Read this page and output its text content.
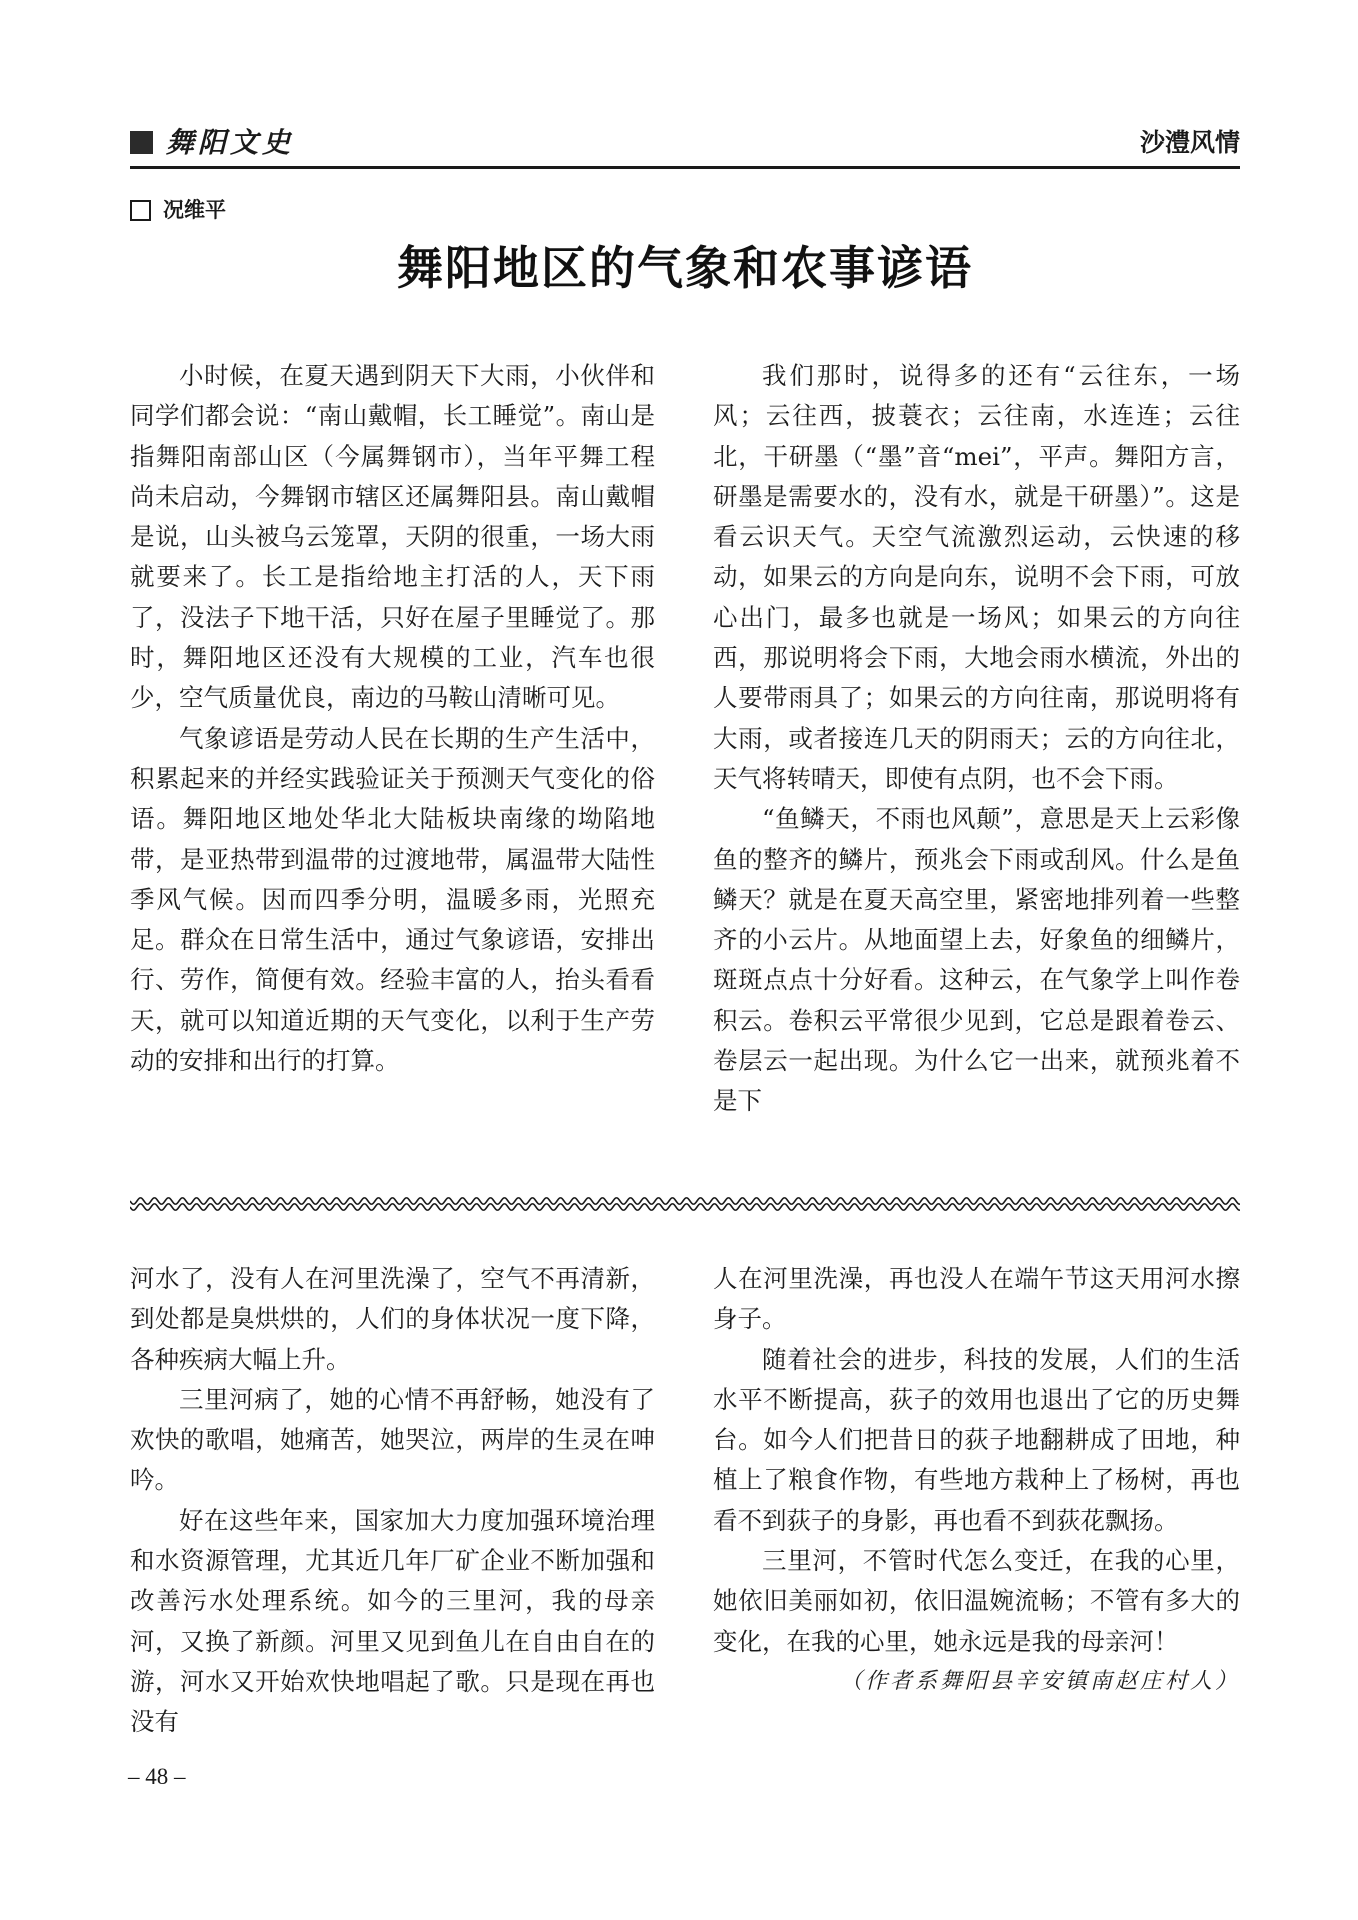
舞阳文史	沙澧风情
况维平
舞阳地区的气象和农事谚语

小时候，在夏天遇到阴天下大雨，小伙伴和同学们都会说：“南山戴帽，长工睡觉”。南山是指舞阳南部山区（今属舞钢市），当年平舞工程尚未启动，今舞钢市辖区还属舞阳县。南山戴帽是说，山头被乌云笼罩，天阴的很重，一场大雨就要来了。长工是指给地主打活的人，天下雨了，没法子下地干活，只好在屋子里睡觉了。那时，舞阳地区还没有大规模的工业，汽车也很少，空气质量优良，南边的马鞍山清晰可见。

气象谚语是劳动人民在长期的生产生活中，积累起来的并经实践验证关于预测天气变化的俗语。舞阳地区地处华北大陆板块南缘的坳陷地带，是亚热带到温带的过渡地带，属温带大陆性季风气候。因而四季分明，温暖多雨，光照充足。群众在日常生活中，通过气象谚语，安排出行、劳作，简便有效。经验丰富的人，抬头看看天，就可以知道近期的天气变化，以利于生产劳动的安排和出行的打算。

我们那时，说得多的还有“云往东，一场风；云往西，披蓑衣；云往南，水连连；云往北，干研墨（“墨”音“mei”，平声。舞阳方言，研墨是需要水的，没有水，就是干研墨）”。这是看云识天气。天空气流激烈运动，云快速的移动，如果云的方向是向东，说明不会下雨，可放心出门，最多也就是一场风；如果云的方向往西，那说明将会下雨，大地会雨水横流，外出的人要带雨具了；如果云的方向往南，那说明将有大雨，或者接连几天的阴雨天；云的方向往北，天气将转晴天，即使有点阴，也不会下雨。

“鱼鳞天，不雨也风颠”，意思是天上云彩像鱼的整齐的鳞片，预兆会下雨或刮风。什么是鱼鳞天？就是在夏天高空里，紧密地排列着一些整齐的小云片。从地面望上去，好象鱼的细鳞片，斑斑点点十分好看。这种云，在气象学上叫作卷积云。卷积云平常很少见到，它总是跟着卷云、卷层云一起出现。为什么它一出来，就预兆着不是下

河水了，没有人在河里洗澡了，空气不再清新，到处都是臭烘烘的，人们的身体状况一度下降，各种疾病大幅上升。

三里河病了，她的心情不再舒畅，她没有了欢快的歌唱，她痛苦，她哭泣，两岸的生灵在呻吟。

好在这些年来，国家加大力度加强环境治理和水资源管理，尤其近几年厂矿企业不断加强和改善污水处理系统。如今的三里河，我的母亲河，又换了新颜。河里又见到鱼儿在自由自在的游，河水又开始欢快地唱起了歌。只是现在再也没有

人在河里洗澡，再也没人在端午节这天用河水擦身子。

随着社会的进步，科技的发展，人们的生活水平不断提高，荻子的效用也退出了它的历史舞台。如今人们把昔日的荻子地翻耕成了田地，种植上了粮食作物，有些地方栽种上了杨树，再也看不到荻子的身影，再也看不到荻花飘扬。

三里河，不管时代怎么变迁，在我的心里，她依旧美丽如初，依旧温婉流畅；不管有多大的变化，在我的心里，她永远是我的母亲河！

（作者系舞阳县辛安镇南赵庄村人）

– 48 –
